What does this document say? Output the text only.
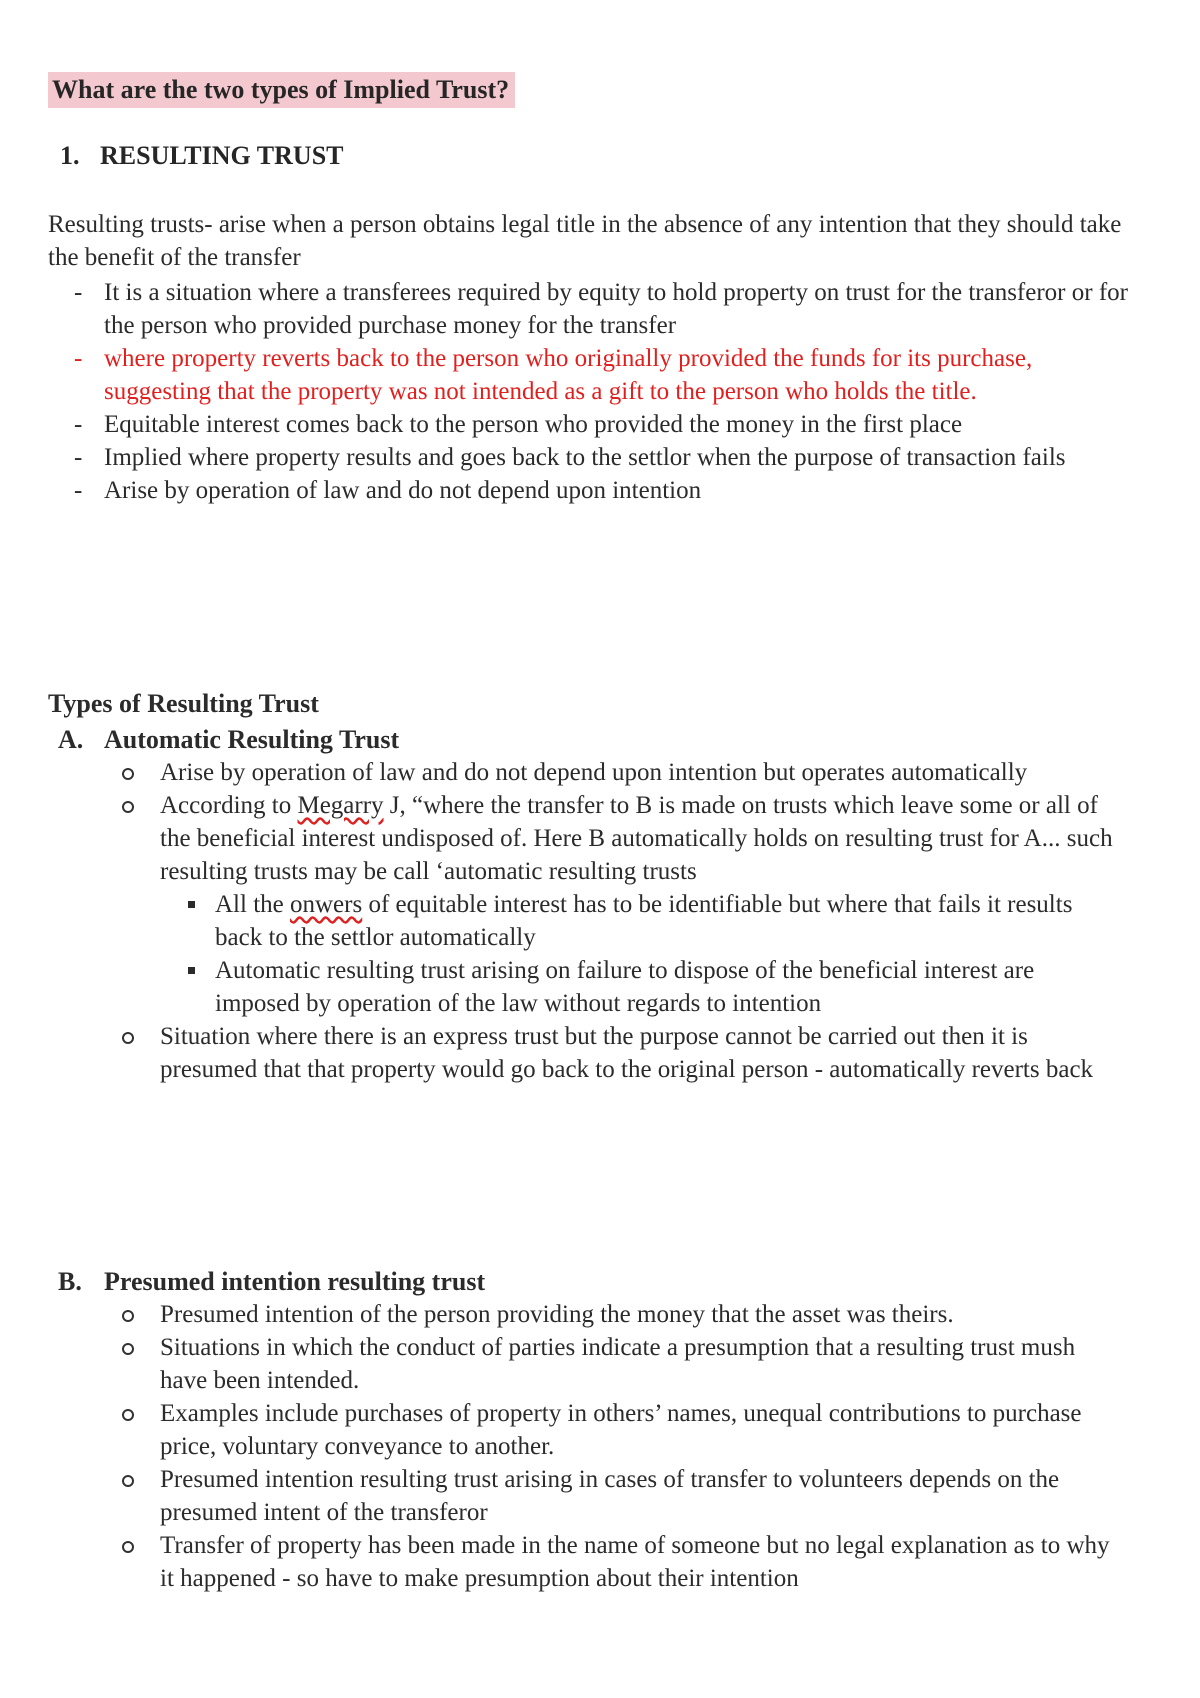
What are the two types of Implied Trust?
1. RESULTING TRUST
Resulting trusts- arise when a person obtains legal title in the absence of any intention that they should take the benefit of the transfer
- It is a situation where a transferees required by equity to hold property on trust for the transferor or for the person who provided purchase money for the transfer
- where property reverts back to the person who originally provided the funds for its purchase, suggesting that the property was not intended as a gift to the person who holds the title.
- Equitable interest comes back to the person who provided the money in the first place
- Implied where property results and goes back to the settlor when the purpose of transaction fails
- Arise by operation of law and do not depend upon intention
Types of Resulting Trust
A. Automatic Resulting Trust
Arise by operation of law and do not depend upon intention but operates automatically
According to Megarry J, “where the transfer to B is made on trusts which leave some or all of the beneficial interest undisposed of. Here B automatically holds on resulting trust for A... such resulting trusts may be call ‘automatic resulting trusts
All the onwers of equitable interest has to be identifiable but where that fails it results back to the settlor automatically
Automatic resulting trust arising on failure to dispose of the beneficial interest are imposed by operation of the law without regards to intention
Situation where there is an express trust but the purpose cannot be carried out then it is presumed that that property would go back to the original person - automatically reverts back
B. Presumed intention resulting trust
Presumed intention of the person providing the money that the asset was theirs.
Situations in which the conduct of parties indicate a presumption that a resulting trust mush have been intended.
Examples include purchases of property in others’ names, unequal contributions to purchase price, voluntary conveyance to another.
Presumed intention resulting trust arising in cases of transfer to volunteers depends on the presumed intent of the transferor
Transfer of property has been made in the name of someone but no legal explanation as to why it happened - so have to make presumption about their intention
